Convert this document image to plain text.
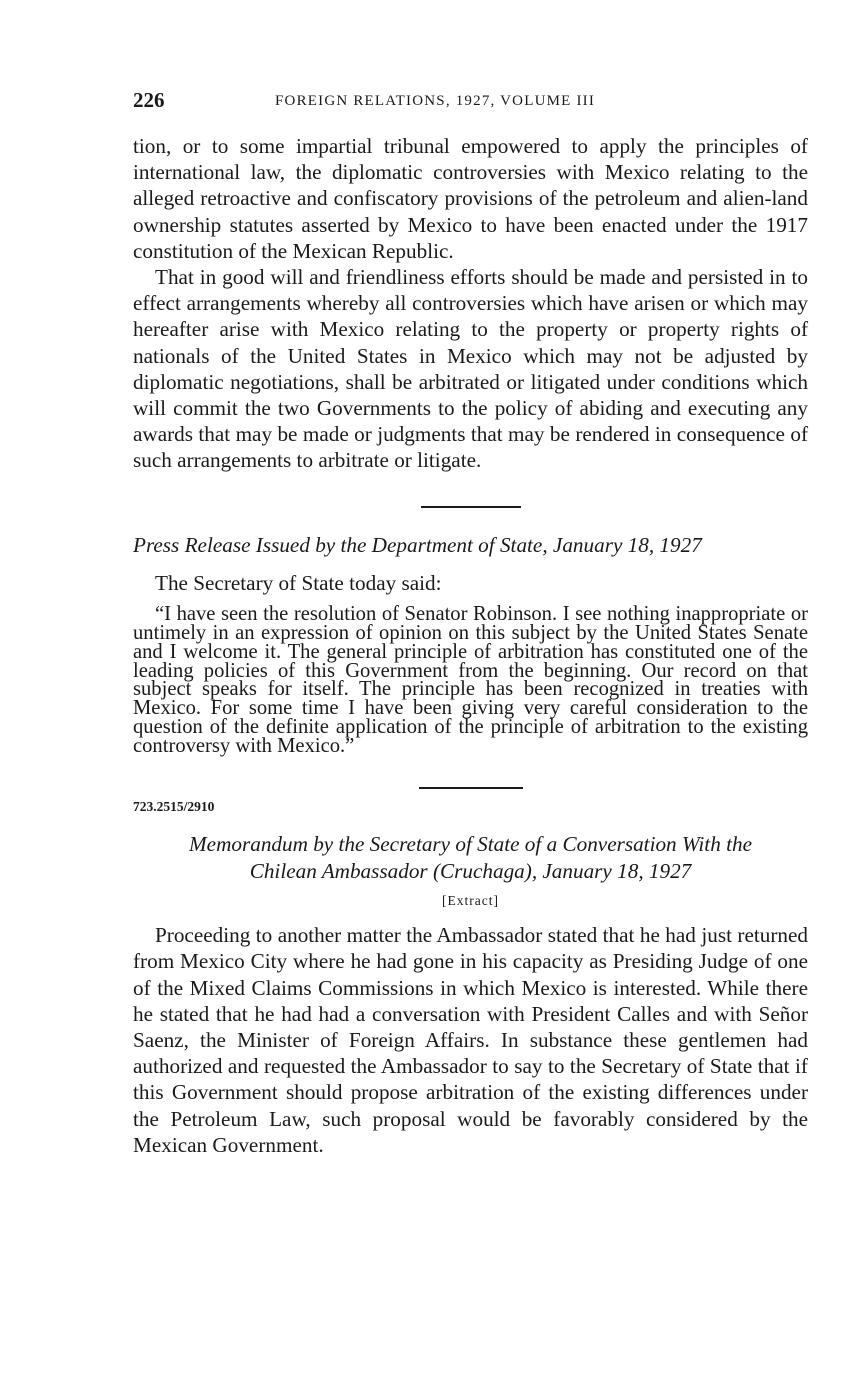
226	FOREIGN RELATIONS, 1927, VOLUME III

tion, or to some impartial tribunal empowered to apply the principles of international law, the diplomatic controversies with Mexico relating to the alleged retroactive and confiscatory provisions of the petroleum and alien-land ownership statutes asserted by Mexico to have been enacted under the 1917 constitution of the Mexican Republic.

That in good will and friendliness efforts should be made and persisted in to effect arrangements whereby all controversies which have arisen or which may hereafter arise with Mexico relating to the property or property rights of nationals of the United States in Mexico which may not be adjusted by diplomatic negotiations, shall be arbitrated or litigated under conditions which will commit the two Governments to the policy of abiding and executing any awards that may be made or judgments that may be rendered in consequence of such arrangements to arbitrate or litigate.

Press Release Issued by the Department of State, January 18, 1927

The Secretary of State today said:

“I have seen the resolution of Senator Robinson. I see nothing inappropriate or untimely in an expression of opinion on this subject by the United States Senate and I welcome it. The general principle of arbitration has constituted one of the leading policies of this Government from the beginning. Our record on that subject speaks for itself. The principle has been recognized in treaties with Mexico. For some time I have been giving very careful consideration to the question of the definite application of the principle of arbitration to the existing controversy with Mexico.”

723.2515/2910
Memorandum by the Secretary of State of a Conversation With the
Chilean Ambassador (Cruchaga), January 18, 1927
[Extract]

Proceeding to another matter the Ambassador stated that he had just returned from Mexico City where he had gone in his capacity as Presiding Judge of one of the Mixed Claims Commissions in which Mexico is interested. While there he stated that he had had a conversation with President Calles and with Señor Saenz, the Minister of Foreign Affairs. In substance these gentlemen had authorized and requested the Ambassador to say to the Secretary of State that if this Government should propose arbitration of the existing differences under the Petroleum Law, such proposal would be favorably considered by the Mexican Government.
